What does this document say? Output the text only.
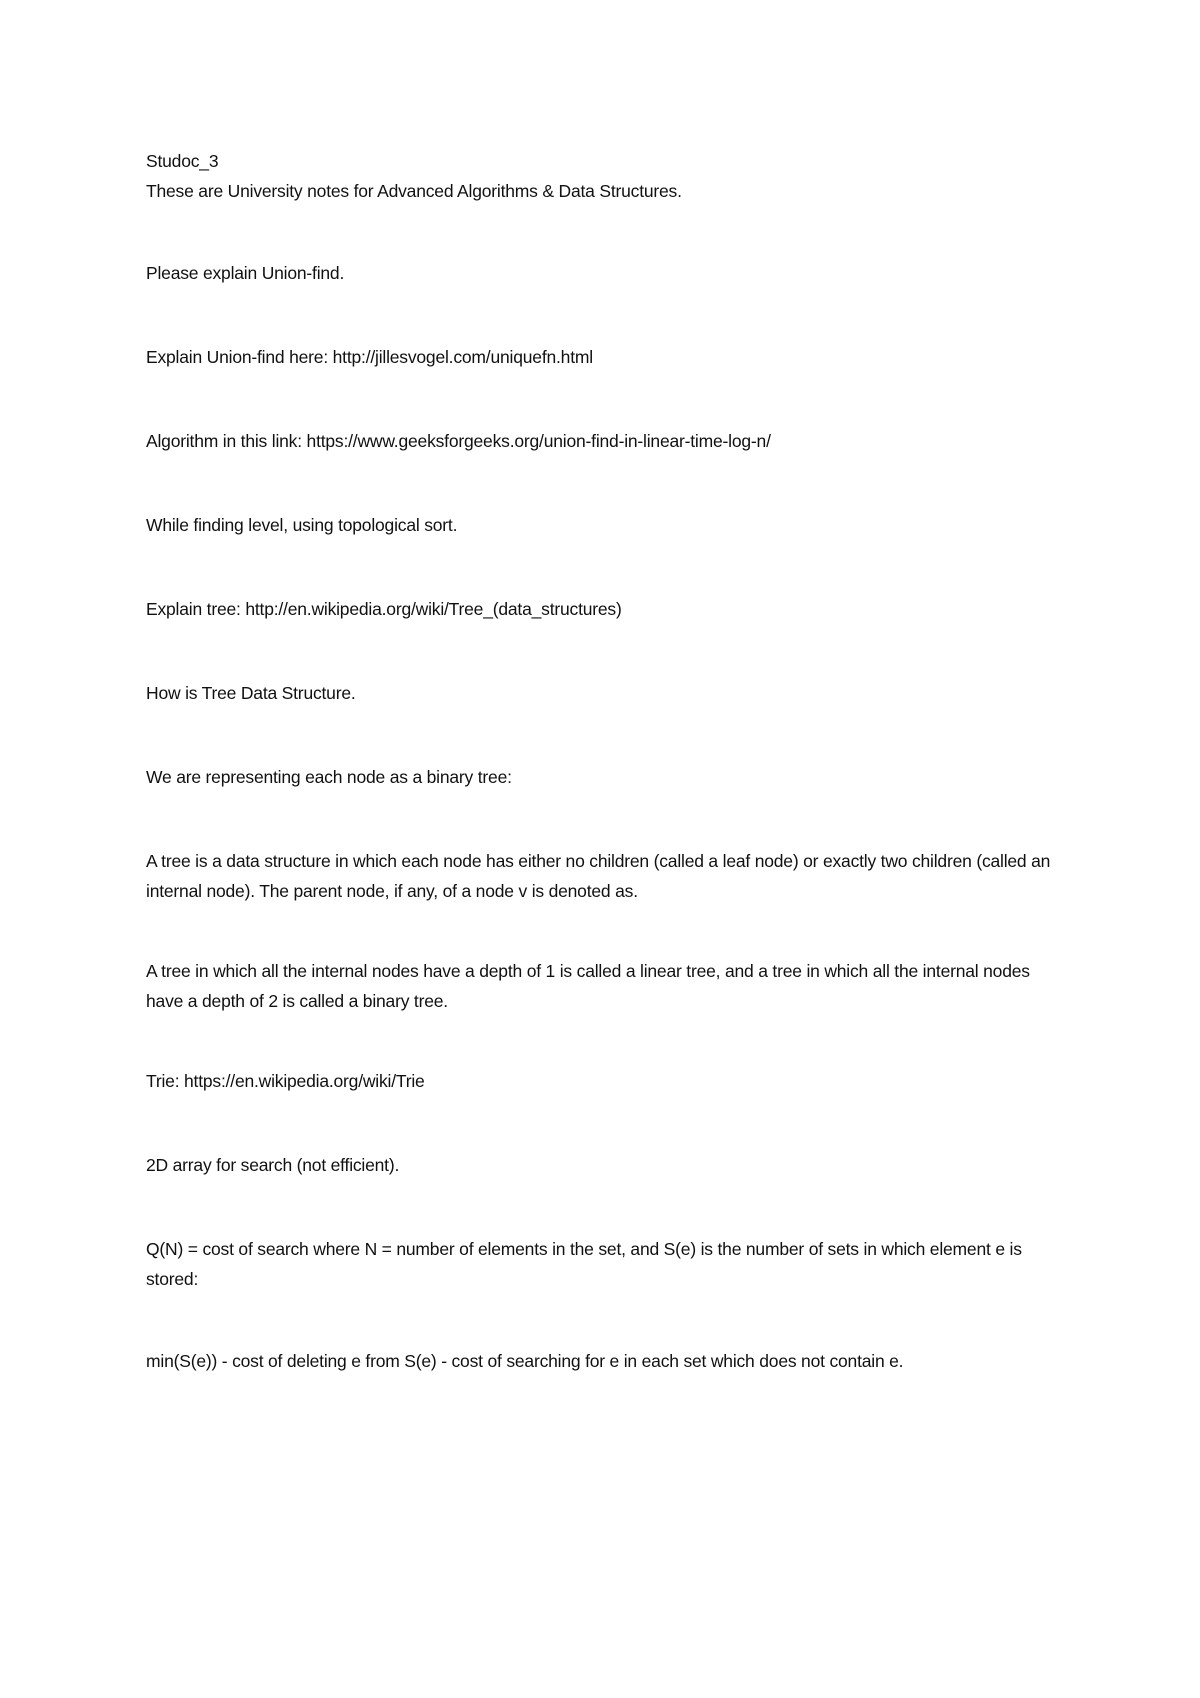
Studoc_3

These are University notes for Advanced Algorithms & Data Structures.

Please explain Union-find.

Explain Union-find here: http://jillesvogel.com/uniquefn.html

Algorithm in this link: https://www.geeksforgeeks.org/union-find-in-linear-time-log-n/

While finding level, using topological sort.

Explain tree: http://en.wikipedia.org/wiki/Tree_(data_structures)

How is Tree Data Structure.

We are representing each node as a binary tree:

A tree is a data structure in which each node has either no children (called a leaf node) or exactly two children (called an internal node). The parent node, if any, of a node v is denoted as.

A tree in which all the internal nodes have a depth of 1 is called a linear tree, and a tree in which all the internal nodes have a depth of 2 is called a binary tree.

Trie: https://en.wikipedia.org/wiki/Trie

2D array for search (not efficient).

Q(N) = cost of search where N = number of elements in the set, and S(e) is the number of sets in which element e is stored:

min(S(e)) - cost of deleting e from S(e) - cost of searching for e in each set which does not contain e.
